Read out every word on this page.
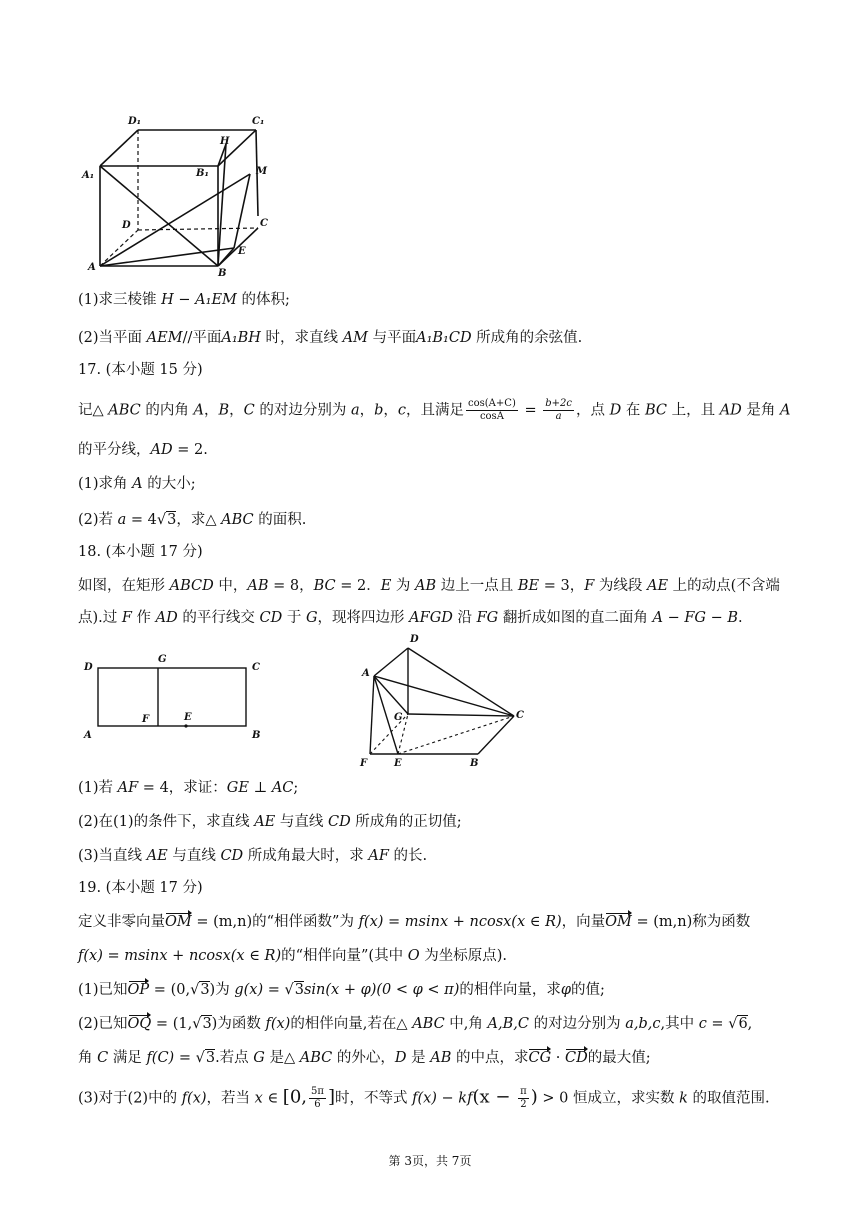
D₁	C₁
H
A₁	B₁	M
D	C
E
A
B
(1)求三棱锥 H − A₁EM 的体积;
(2)当平面 AEM//平面A₁BH 时，求直线 AM 与平面A₁B₁CD 所成角的余弦值.
17. (本小题 15 分)
记△ ABC 的内角 A，B，C 的对边分别为 a，b，c，且满足 $\frac{\cos(A+C)}{\cos A} = \frac{b+2c}{a}$ ，点 D 在 BC 上，且 AD 是角 A
的平分线，AD = 2.
(1)求角 A 的大小;
(2)若 a = 4√3，求△ ABC 的面积.
18. (本小题 17 分)
如图，在矩形 ABCD 中，AB = 8，BC = 2．E 为 AB 边上一点且 BE = 3，F 为线段 AE 上的动点(不含端
点).过 F 作 AD 的平行线交 CD 于 G，现将四边形 AFGD 沿 FG 翻折成如图的直二面角 A − FG − B.
D
G
C
F	E
A	B
D
A
G	C
F	E	B
(1)若 AF = 4，求证：GE ⊥ AC;
(2)在(1)的条件下，求直线 AE 与直线 CD 所成角的正切值;
(3)当直线 AE 与直线 CD 所成角最大时，求 AF 的长.
19. (本小题 17 分)
定义非零向量OM = (m,n)的“相伴函数”为 f(x) = msinx + ncosx(x ∈ R)，向量OM = (m,n)称为函数
f(x) = msinx + ncosx(x ∈ R)的“相伴向量”(其中 O 为坐标原点).
(1)已知OP = (0,√3)为 g(x) = √3sin(x + φ)(0 < φ < π)的相伴向量，求φ的值;
(2)已知OQ = (1,√3)为函数 f(x)的相伴向量,若在△ ABC 中,角 A,B,C 的对边分别为 a,b,c,其中 c = √6,
角 C 满足 f(C) = √3.若点 G 是△ ABC 的外心，D 是 AB 的中点，求CG · CD的最大值;
(3)对于(2)中的 f(x)，若当 x ∈ [0, $\frac{5\pi}{6}$ ]时，不等式 $f(x) - kf(x - \frac{\pi}{2}$ ) > 0 恒成立，求实数 k 的取值范围.
第 3页，共 7页
